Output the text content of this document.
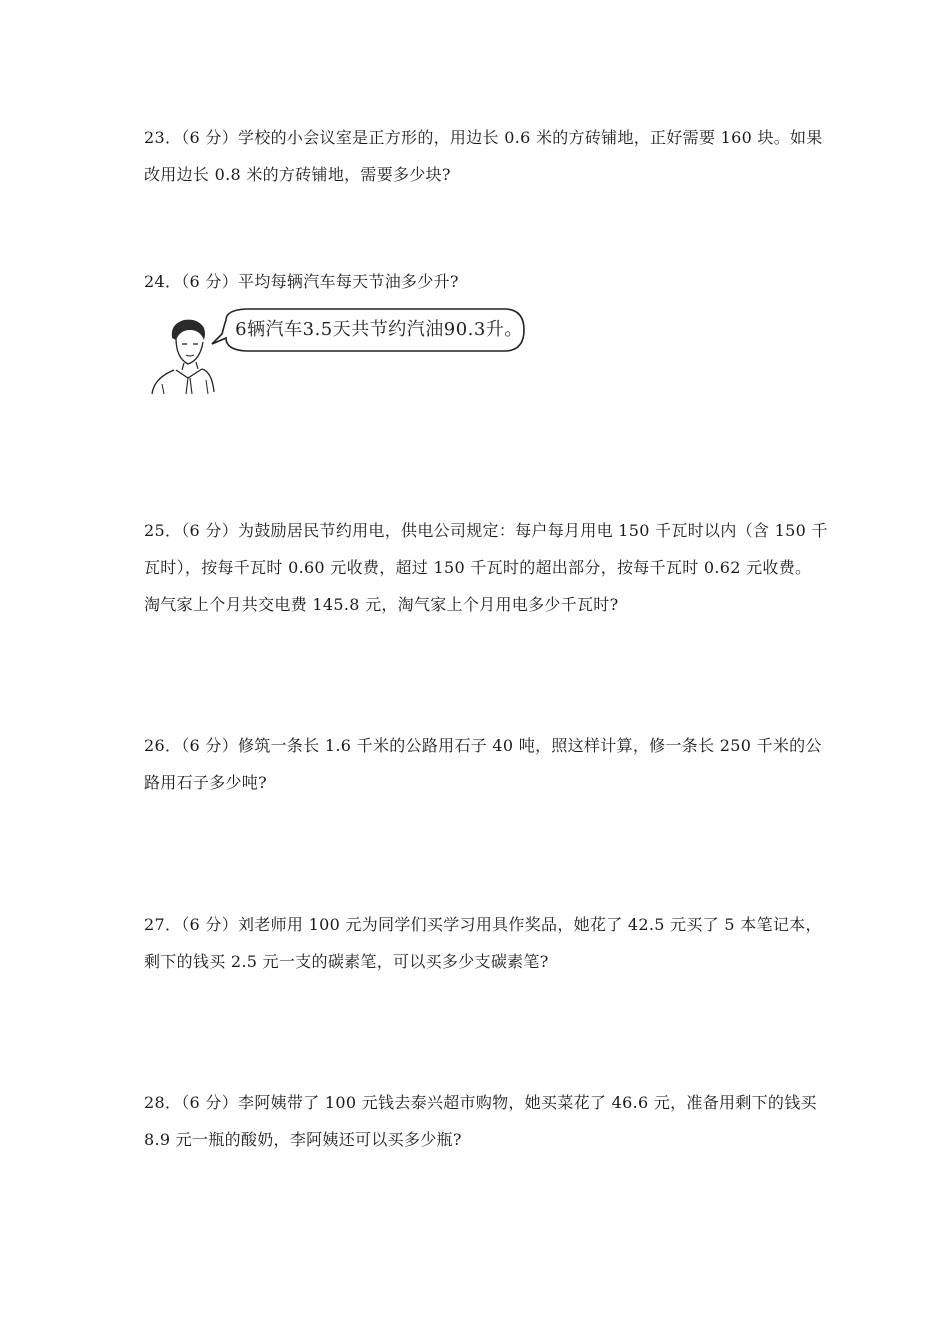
23．（6 分）学校的小会议室是正方形的，用边长 0.6 米的方砖铺地，正好需要 160 块。如果
改用边长 0.8 米的方砖铺地，需要多少块?
24．（6 分）平均每辆汽车每天节油多少升?
6辆汽车3.5天共节约汽油90.3升。
25．（6 分）为鼓励居民节约用电，供电公司规定：每户每月用电 150 千瓦时以内（含 150 千
瓦时），按每千瓦时 0.60 元收费，超过 150 千瓦时的超出部分，按每千瓦时 0.62 元收费。
淘气家上个月共交电费 145.8 元，淘气家上个月用电多少千瓦时?
26．（6 分）修筑一条长 1.6 千米的公路用石子 40 吨，照这样计算，修一条长 250 千米的公
路用石子多少吨?
27．（6 分）刘老师用 100 元为同学们买学习用具作奖品，她花了 42.5 元买了 5 本笔记本，
剩下的钱买 2.5 元一支的碳素笔，可以买多少支碳素笔?
28．（6 分）李阿姨带了 100 元钱去泰兴超市购物，她买菜花了 46.6 元，准备用剩下的钱买
8.9 元一瓶的酸奶，李阿姨还可以买多少瓶?
